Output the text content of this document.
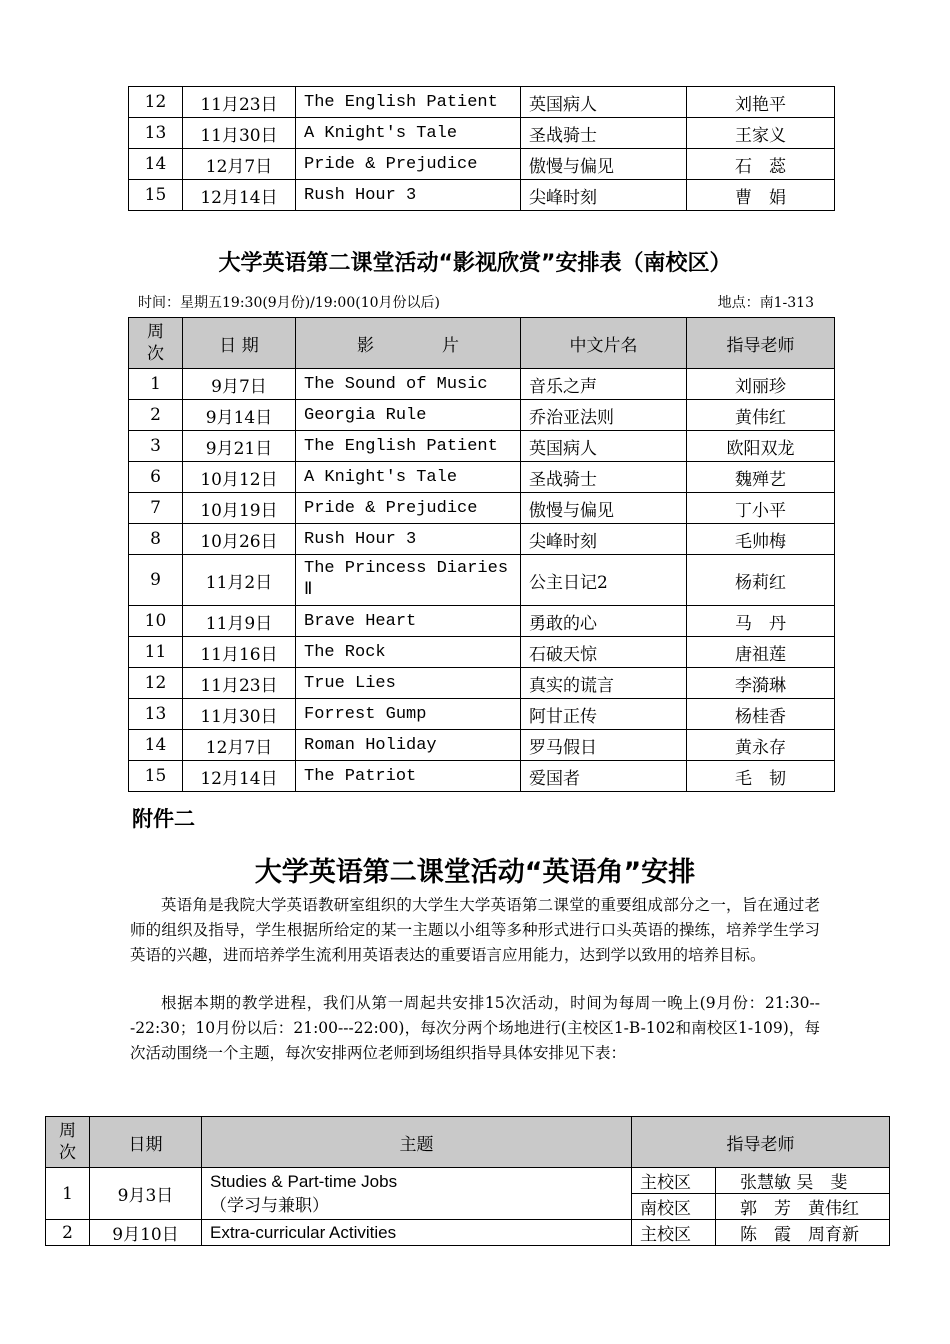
12	11月23日	The English Patient	英国病人	刘艳平
13	11月30日	A Knight's Tale	圣战骑士	王家义
14	12月7日	Pride & Prejudice	傲慢与偏见	石　蕊
15	12月14日	Rush Hour 3	尖峰时刻	曹　娟
大学英语第二课堂活动“影视欣赏”安排表（南校区）
时间：星期五19:30(9月份)/19:00(10月份以后)	地点：南1-313
周次	日 期	影　　　　片	中文片名	指导老师
1	9月7日	The Sound of Music	音乐之声	刘丽珍
2	9月14日	Georgia Rule	乔治亚法则	黄伟红
3	9月21日	The English Patient	英国病人	欧阳双龙
6	10月12日	A Knight's Tale	圣战骑士	魏殚艺
7	10月19日	Pride & Prejudice	傲慢与偏见	丁小平
8	10月26日	Rush Hour 3	尖峰时刻	毛帅梅
9	11月2日	The Princess Diaries Ⅱ	公主日记2	杨莉红
10	11月9日	Brave Heart	勇敢的心	马　丹
11	11月16日	The Rock	石破天惊	唐祖莲
12	11月23日	True Lies	真实的谎言	李漪琳
13	11月30日	Forrest Gump	阿甘正传	杨桂香
14	12月7日	Roman Holiday	罗马假日	黄永存
15	12月14日	The Patriot	爱国者	毛　韧
附件二
大学英语第二课堂活动“英语角”安排

英语角是我院大学英语教研室组织的大学生大学英语第二课堂的重要组成部分之一，旨在通过老师的组织及指导，学生根据所给定的某一主题以小组等多种形式进行口头英语的操练，培养学生学习英语的兴趣，进而培养学生流利用英语表达的重要语言应用能力，达到学以致用的培养目标。

根据本期的教学进程，我们从第一周起共安排15次活动，时间为每周一晚上(9月份：21:30---22:30；10月份以后：21:00---22:00)，每次分两个场地进行(主校区1-B-102和南校区1-109)，每次活动围绕一个主题，每次安排两位老师到场组织指导具体安排见下表：

周次	日期	主题	指导老师	
1	9月3日	Studies & Part-time Jobs
（学习与兼职）	主校区	张慧敏 吴　斐
			南校区	郭　芳　黄伟红
2	9月10日	Extra-curricular Activities	主校区	陈　霞　周育新
